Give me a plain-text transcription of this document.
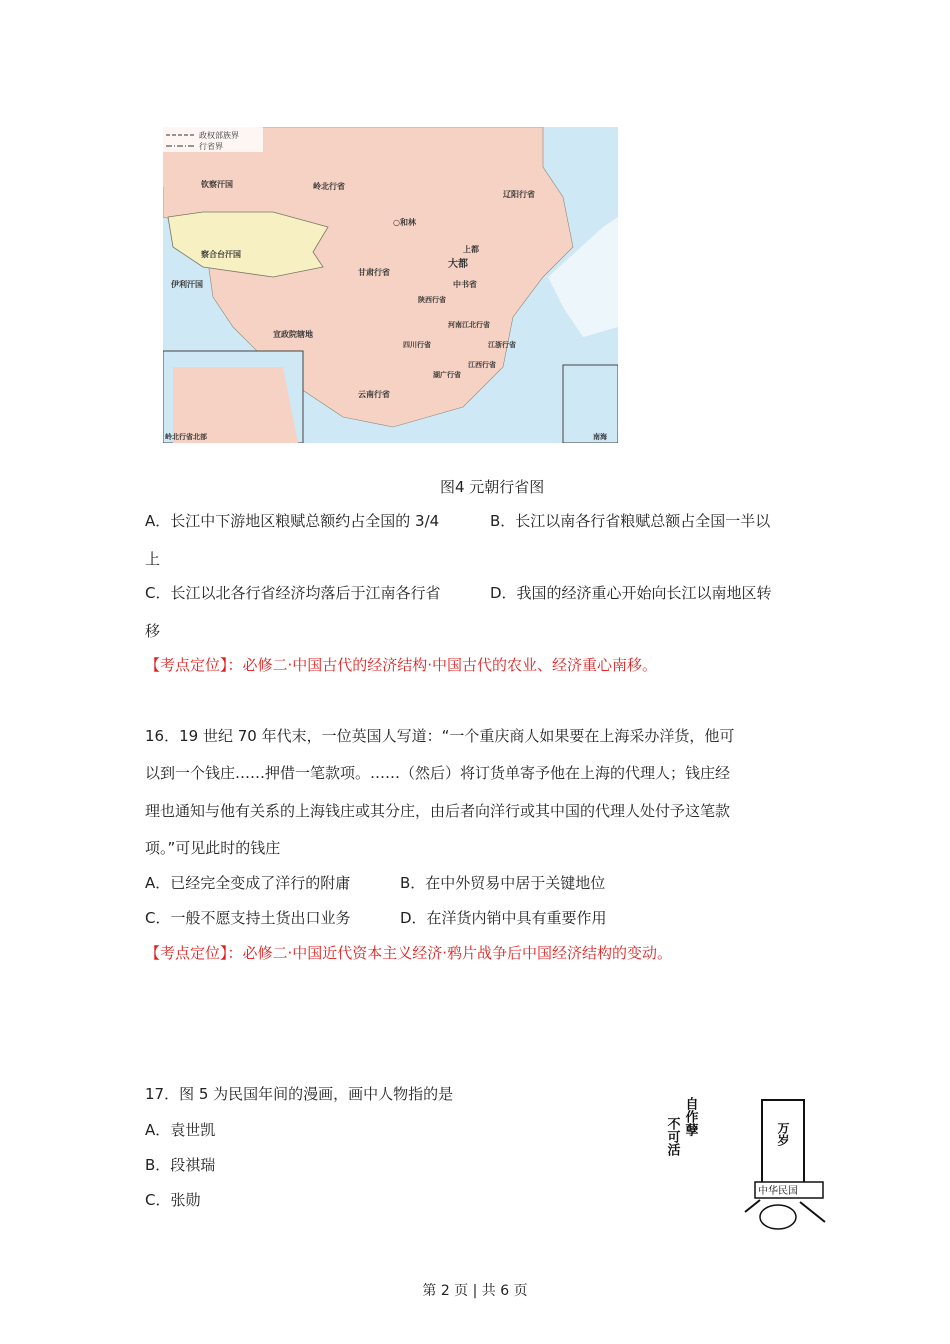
政权部族界
行省界
钦察汗国
察合台汗国
伊利汗国
岭北行省
辽阳行省
○和林
上都
大都
中书省
甘肃行省
陕西行省
河南江北行省
四川行省
宣政院辖地
云南行省
湖广行省
江西行省
江浙行省
岭北行省北部	南海
图4 元朝行省图
A．长江中下游地区粮赋总额约占全国的 3/4	B．长江以南各行省粮赋总额占全国一半以
上
C．长江以北各行省经济均落后于江南各行省	D．我国的经济重心开始向长江以南地区转
移
【考点定位】：必修二·中国古代的经济结构·中国古代的农业、经济重心南移。
16．19 世纪 70 年代末，一位英国人写道：“一个重庆商人如果要在上海采办洋货，他可
以到一个钱庄……押借一笔款项。……（然后）将订货单寄予他在上海的代理人；钱庄经
理也通知与他有关系的上海钱庄或其分庄，由后者向洋行或其中国的代理人处付予这笔款
项。”可见此时的钱庄
A．已经完全变成了洋行的附庸	B．在中外贸易中居于关键地位
C．一般不愿支持土货出口业务	D．在洋货内销中具有重要作用
【考点定位】：必修二·中国近代资本主义经济·鸦片战争后中国经济结构的变动。
17．图 5 为民国年间的漫画，画中人物指的是
A．袁世凯
B．段祺瑞
C．张勋
自作孽
不可活	万岁
中华民国
第 2 页 | 共 6 页
